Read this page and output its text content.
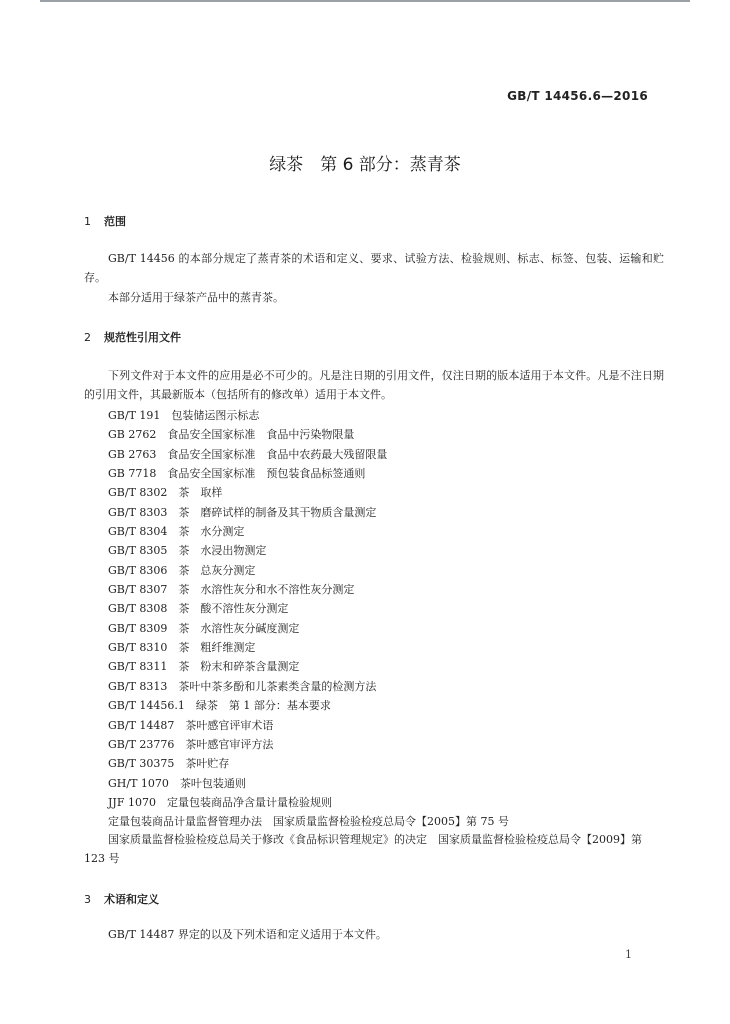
GB/T 14456.6—2016
绿茶　第 6 部分：蒸青茶
1 范围
GB/T 14456 的本部分规定了蒸青茶的术语和定义、要求、试验方法、检验规则、标志、标签、包装、运输和贮存。
本部分适用于绿茶产品中的蒸青茶。
2 规范性引用文件
下列文件对于本文件的应用是必不可少的。凡是注日期的引用文件，仅注日期的版本适用于本文件。凡是不注日期的引用文件，其最新版本（包括所有的修改单）适用于本文件。
GB/T 191　包装储运图示标志
GB 2762　食品安全国家标准　食品中污染物限量
GB 2763　食品安全国家标准　食品中农药最大残留限量
GB 7718　食品安全国家标准　预包装食品标签通则
GB/T 8302　茶　取样
GB/T 8303　茶　磨碎试样的制备及其干物质含量测定
GB/T 8304　茶　水分测定
GB/T 8305　茶　水浸出物测定
GB/T 8306　茶　总灰分测定
GB/T 8307　茶　水溶性灰分和水不溶性灰分测定
GB/T 8308　茶　酸不溶性灰分测定
GB/T 8309　茶　水溶性灰分碱度测定
GB/T 8310　茶　粗纤维测定
GB/T 8311　茶　粉末和碎茶含量测定
GB/T 8313　茶叶中茶多酚和儿茶素类含量的检测方法
GB/T 14456.1　绿茶　第 1 部分：基本要求
GB/T 14487　茶叶感官评审术语
GB/T 23776　茶叶感官审评方法
GB/T 30375　茶叶贮存
GH/T 1070　茶叶包装通则
JJF 1070　定量包装商品净含量计量检验规则
定量包装商品计量监督管理办法　国家质量监督检验检疫总局令【2005】第 75 号
国家质量监督检验检疫总局关于修改《食品标识管理规定》的决定　国家质量监督检验检疫总局令【2009】第 123 号
3 术语和定义
GB/T 14487 界定的以及下列术语和定义适用于本文件。
1
